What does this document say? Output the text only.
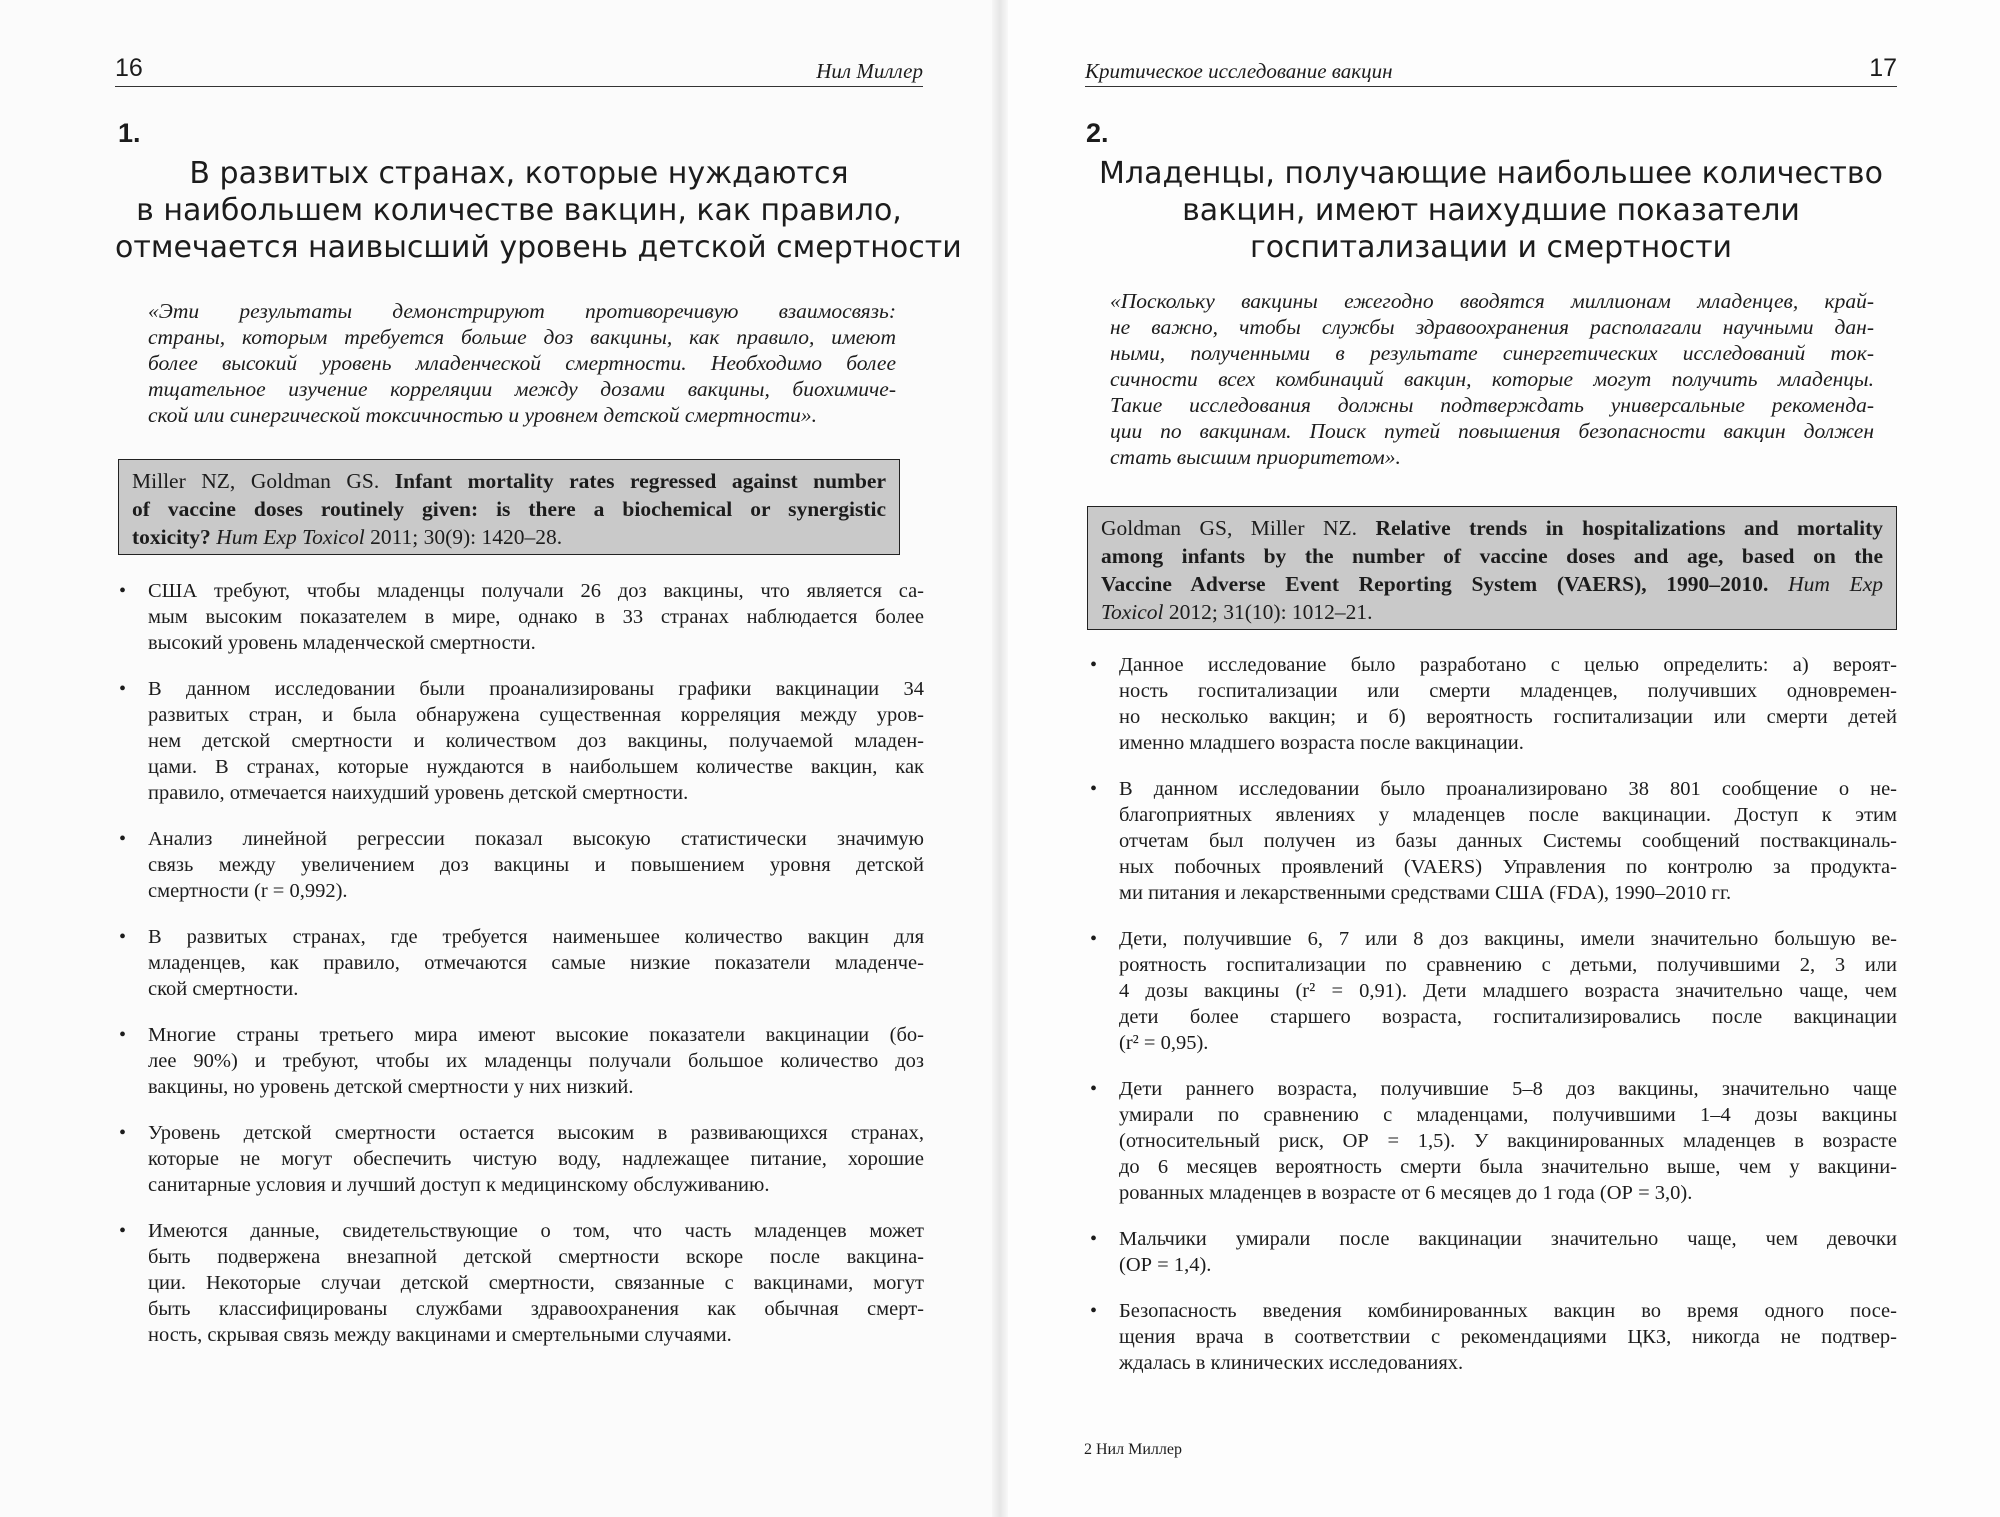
16	Нил Миллер
1.
В развитых странах, которые нуждаются
в наибольшем количестве вакцин, как правило,
отмечается наивысший уровень детской смертности
«Эти результаты демонстрируют противоречивую взаимосвязь:
страны, которым требуется больше доз вакцины, как правило, имеют
более высокий уровень младенческой смертности. Необходимо более
тщательное изучение корреляции между дозами вакцины, биохимиче-
ской или синергической токсичностью и уровнем детской смертности».
Miller NZ, Goldman GS. Infant mortality rates regressed against number
of vaccine doses routinely given: is there a biochemical or synergistic
toxicity? Hum Exp Toxicol 2011; 30(9): 1420–28.
• США требуют, чтобы младенцы получали 26 доз вакцины, что является са-
мым высоким показателем в мире, однако в 33 странах наблюдается более
высокий уровень младенческой смертности.
• В данном исследовании были проанализированы графики вакцинации 34
развитых стран, и была обнаружена существенная корреляция между уров-
нем детской смертности и количеством доз вакцины, получаемой младен-
цами. В странах, которые нуждаются в наибольшем количестве вакцин, как
правило, отмечается наихудший уровень детской смертности.
• Анализ линейной регрессии показал высокую статистически значимую
связь между увеличением доз вакцины и повышением уровня детской
смертности (r = 0,992).
• В развитых странах, где требуется наименьшее количество вакцин для
младенцев, как правило, отмечаются самые низкие показатели младенче-
ской смертности.
• Многие страны третьего мира имеют высокие показатели вакцинации (бо-
лее 90%) и требуют, чтобы их младенцы получали большое количество доз
вакцины, но уровень детской смертности у них низкий.
• Уровень детской смертности остается высоким в развивающихся странах,
которые не могут обеспечить чистую воду, надлежащее питание, хорошие
санитарные условия и лучший доступ к медицинскому обслуживанию.
• Имеются данные, свидетельствующие о том, что часть младенцев может
быть подвержена внезапной детской смертности вскоре после вакцина-
ции. Некоторые случаи детской смертности, связанные с вакцинами, могут
быть классифицированы службами здравоохранения как обычная смерт-
ность, скрывая связь между вакцинами и смертельными случаями.
Критическое исследование вакцин	17
2.
Младенцы, получающие наибольшее количество
вакцин, имеют наихудшие показатели
госпитализации и смертности
«Поскольку вакцины ежегодно вводятся миллионам младенцев, край-
не важно, чтобы службы здравоохранения располагали научными дан-
ными, полученными в результате синергетических исследований ток-
сичности всех комбинаций вакцин, которые могут получить младенцы.
Такие исследования должны подтверждать универсальные рекоменда-
ции по вакцинам. Поиск путей повышения безопасности вакцин должен
стать высшим приоритетом».
Goldman GS, Miller NZ. Relative trends in hospitalizations and mortality
among infants by the number of vaccine doses and age, based on the
Vaccine Adverse Event Reporting System (VAERS), 1990–2010. Hum Exp
Toxicol 2012; 31(10): 1012–21.
• Данное исследование было разработано с целью определить: а) вероят-
ность госпитализации или смерти младенцев, получивших одновремен-
но несколько вакцин; и б) вероятность госпитализации или смерти детей
именно младшего возраста после вакцинации.
• В данном исследовании было проанализировано 38 801 сообщение о не-
благоприятных явлениях у младенцев после вакцинации. Доступ к этим
отчетам был получен из базы данных Системы сообщений поствакциналь-
ных побочных проявлений (VAERS) Управления по контролю за продукта-
ми питания и лекарственными средствами США (FDA), 1990–2010 гг.
• Дети, получившие 6, 7 или 8 доз вакцины, имели значительно большую ве-
роятность госпитализации по сравнению с детьми, получившими 2, 3 или
4 дозы вакцины (r² = 0,91). Дети младшего возраста значительно чаще, чем
дети более старшего возраста, госпитализировались после вакцинации
(r² = 0,95).
• Дети раннего возраста, получившие 5–8 доз вакцины, значительно чаще
умирали по сравнению с младенцами, получившими 1–4 дозы вакцины
(относительный риск, ОР = 1,5). У вакцинированных младенцев в возрасте
до 6 месяцев вероятность смерти была значительно выше, чем у вакцини-
рованных младенцев в возрасте от 6 месяцев до 1 года (ОР = 3,0).
• Мальчики умирали после вакцинации значительно чаще, чем девочки
(ОР = 1,4).
• Безопасность введения комбинированных вакцин во время одного посе-
щения врача в соответствии с рекомендациями ЦКЗ, никогда не подтвер-
ждалась в клинических исследованиях.
2 Нил Миллер
